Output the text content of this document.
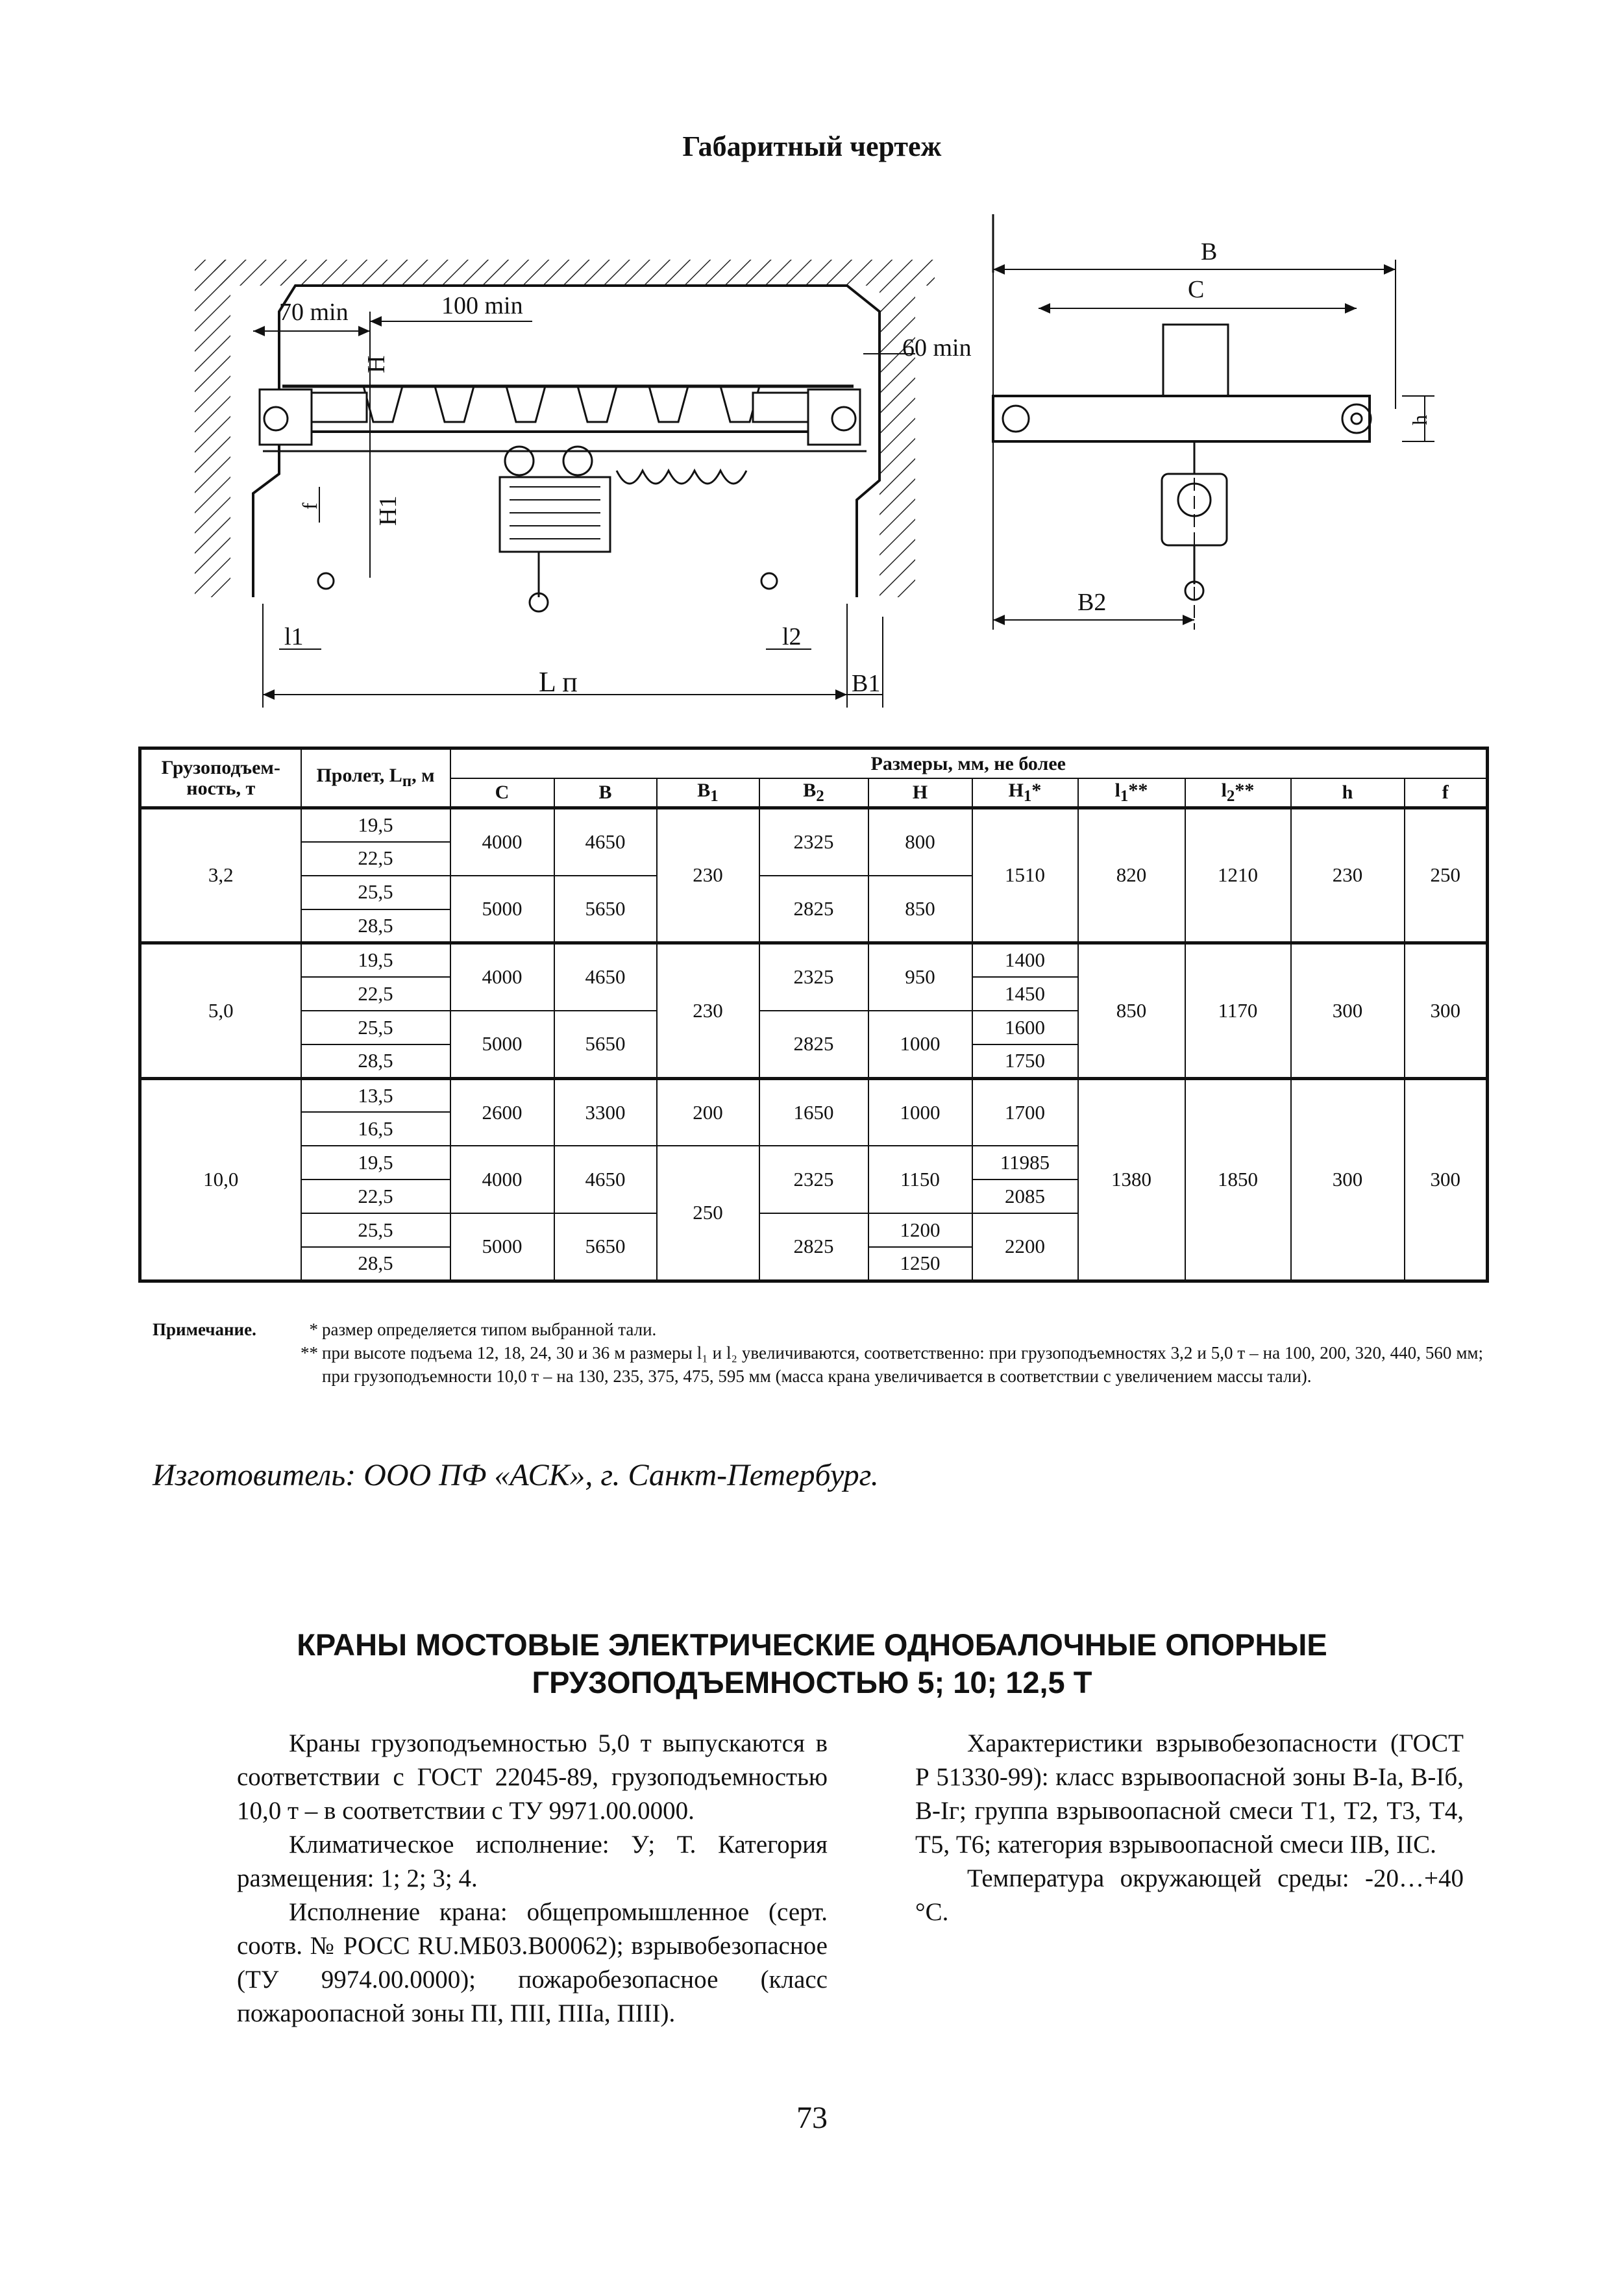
Габаритный чертеж
70 min	100 min
60 min
H
f H1
l1	l2
L п	B1
B
C
h
B2
Грузоподъем-ность, т	Пролет, $L_п$, м	Размеры, мм, не более									
		C	B	$B_1$	$B_2$	H	$H_1*$	$l_1**$	$l_2**$	h	f
3,2	19,5	4000	4650	230	2325	800	1510	820	1210	230	250
	22,5										
	25,5	5000	5650		2825	850					
	28,5										
5,0	19,5	4000	4650	230	2325	950	1400	850	1170	300	300
	22,5						1450				
	25,5	5000	5650		2825	1000	1600				
	28,5						1750				
10,0	13,5	2600	3300	200	1650	1000	1700	1380	1850	300	300
	16,5										
	19,5	4000	4650	250	2325	1150	11985				
	22,5						2085				
	25,5	5000	5650		2825	1200	2200				
	28,5					1250					
Примечание.	* размер определяется типом выбранной тали.
** при высоте подъема 12, 18, 24, 30 и 36 м размеры l₁ и l₂ увеличиваются, соответственно: при грузоподъемностях 3,2 и 5,0 т – на 100, 200, 320, 440, 560 мм; при грузоподъемности 10,0 т – на 130, 235, 375, 475, 595 мм (масса крана увеличивается в соответствии с увеличением массы тали).
Изготовитель: ООО ПФ «АСК», г. Санкт-Петербург.
КРАНЫ МОСТОВЫЕ ЭЛЕКТРИЧЕСКИЕ ОДНОБАЛОЧНЫЕ ОПОРНЫЕ
ГРУЗОПОДЪЕМНОСТЬЮ 5; 10; 12,5 Т

Краны грузоподъемностью 5,0 т выпускаются в соответствии с ГОСТ 22045-89, грузоподъемностью 10,0 т – в соответствии с ТУ 9971.00.0000.

Климатическое исполнение: У; Т. Категория размещения: 1; 2; 3; 4.

Исполнение крана: общепромышленное (серт. соотв. № РОСС RU.МБ03.В00062); взрывобезопасное (ТУ 9974.00.0000); пожаробезопасное (класс пожароопасной зоны ПI, ПII, ПIIа, ПIII).

Характеристики взрывобезопасности (ГОСТ Р 51330-99): класс взрывоопасной зоны В-Iа, В-Iб, В-Iг; группа взрывоопасной смеси Т1, Т2, Т3, Т4, Т5, Т6; категория взрывоопасной смеси IIВ, IIС.

Температура окружающей среды: -20…+40 °С.

73
